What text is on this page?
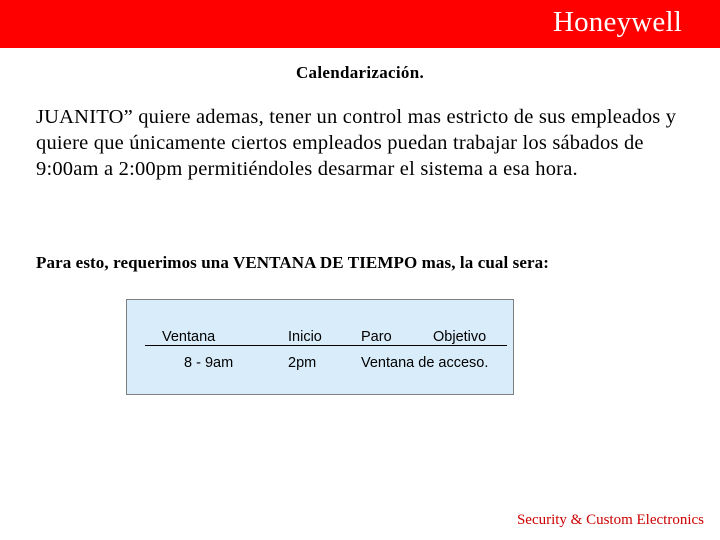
Honeywell
Calendarización.

JUANITO” quiere ademas, tener un control mas estricto de sus empleados y quiere que únicamente ciertos empleados puedan trabajar los sábados de 9:00am a 2:00pm permitiéndoles desarmar el sistema a esa hora.

Para esto, requerimos una VENTANA DE TIEMPO mas, la cual sera:

Ventana	Inicio	Paro	Objetivo
8 - 9am	2pm	Ventana de acceso.
Security & Custom Electronics
